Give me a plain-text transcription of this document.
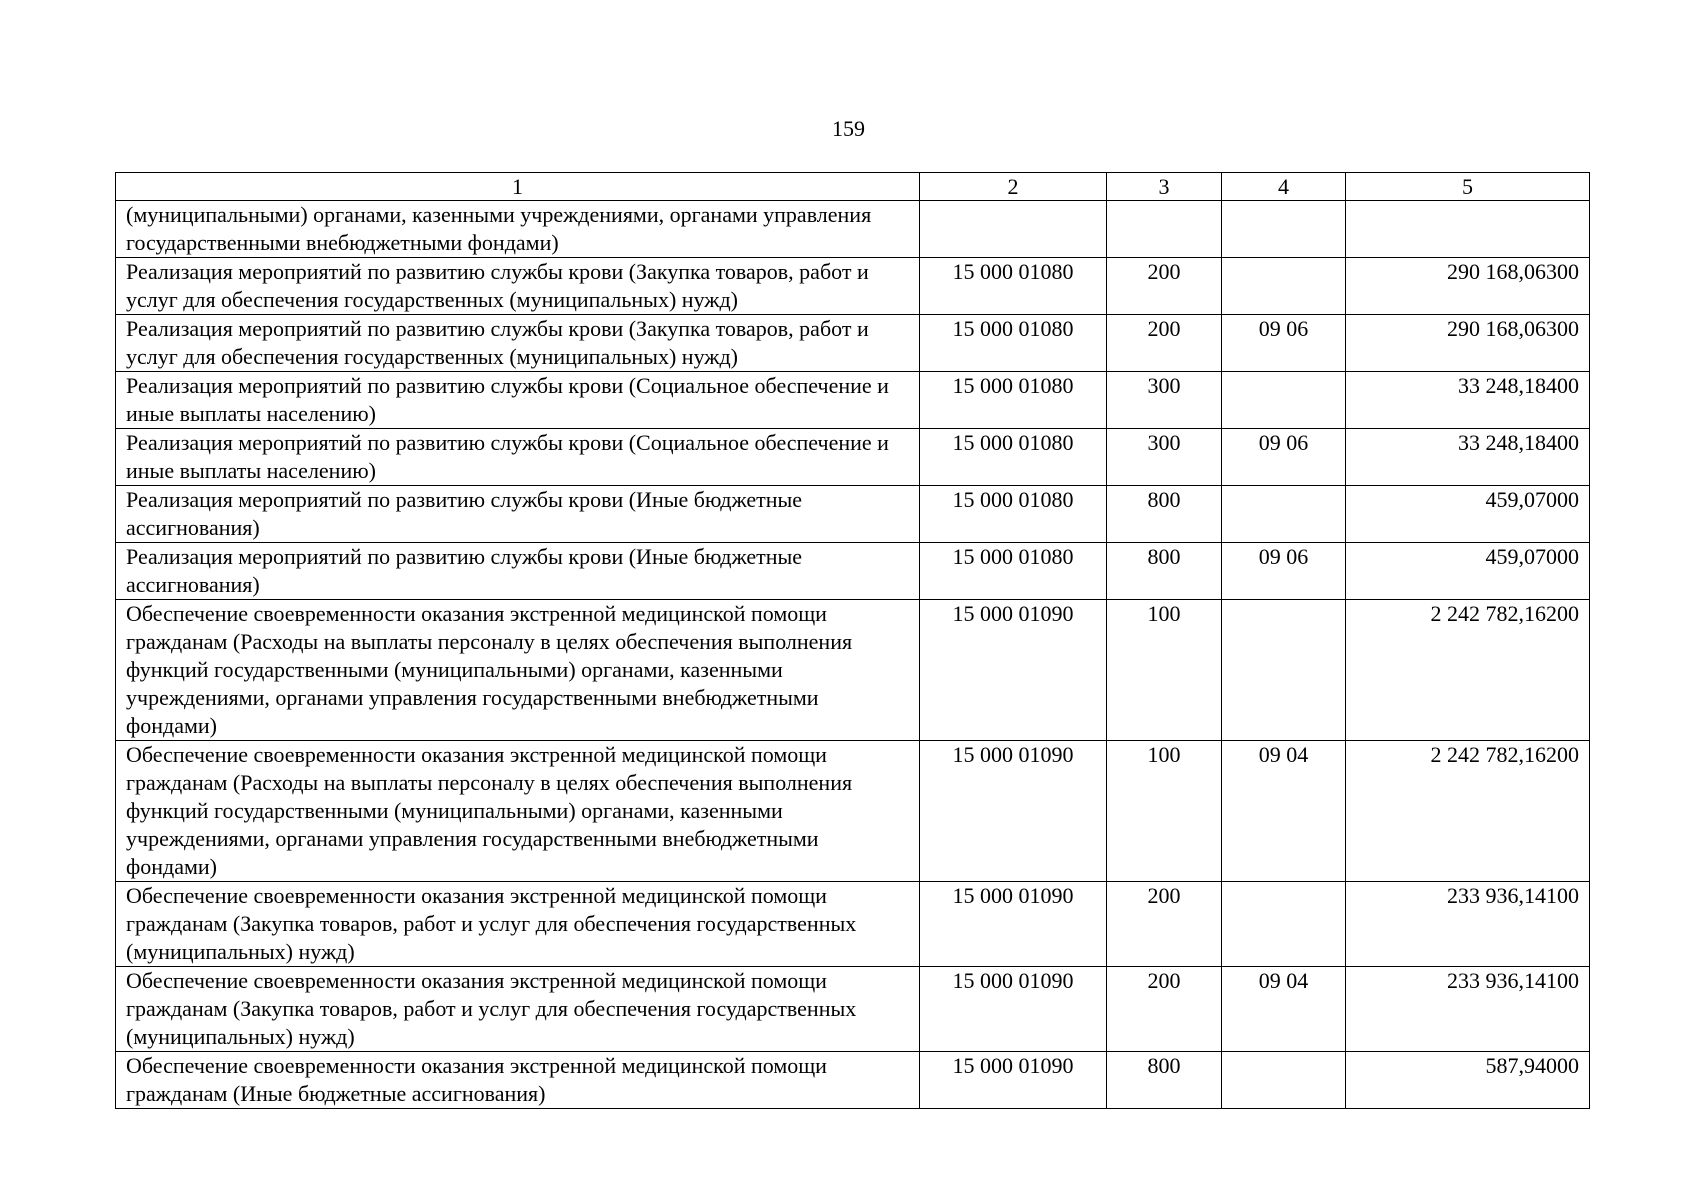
159
1	2	3	4	5
(муниципальными) органами, казенными учреждениями, органами управления государственными внебюджетными фондами)				
Реализация мероприятий по развитию службы крови (Закупка товаров, работ и услуг для обеспечения государственных (муниципальных) нужд)	15 000 01080	200		290 168,06300
Реализация мероприятий по развитию службы крови (Закупка товаров, работ и услуг для обеспечения государственных (муниципальных) нужд)	15 000 01080	200	09 06	290 168,06300
Реализация мероприятий по развитию службы крови (Социальное обеспечение и иные выплаты населению)	15 000 01080	300		33 248,18400
Реализация мероприятий по развитию службы крови (Социальное обеспечение и иные выплаты населению)	15 000 01080	300	09 06	33 248,18400
Реализация мероприятий по развитию службы крови (Иные бюджетные ассигнования)	15 000 01080	800		459,07000
Реализация мероприятий по развитию службы крови (Иные бюджетные ассигнования)	15 000 01080	800	09 06	459,07000
Обеспечение своевременности оказания экстренной медицинской помощи гражданам (Расходы на выплаты персоналу в целях обеспечения выполнения функций государственными (муниципальными) органами, казенными учреждениями, органами управления государственными внебюджетными фондами)	15 000 01090	100		2 242 782,16200
Обеспечение своевременности оказания экстренной медицинской помощи гражданам (Расходы на выплаты персоналу в целях обеспечения выполнения функций государственными (муниципальными) органами, казенными учреждениями, органами управления государственными внебюджетными фондами)	15 000 01090	100	09 04	2 242 782,16200
Обеспечение своевременности оказания экстренной медицинской помощи гражданам (Закупка товаров, работ и услуг для обеспечения государственных (муниципальных) нужд)	15 000 01090	200		233 936,14100
Обеспечение своевременности оказания экстренной медицинской помощи гражданам (Закупка товаров, работ и услуг для обеспечения государственных (муниципальных) нужд)	15 000 01090	200	09 04	233 936,14100
Обеспечение своевременности оказания экстренной медицинской помощи гражданам (Иные бюджетные ассигнования)	15 000 01090	800		587,94000
